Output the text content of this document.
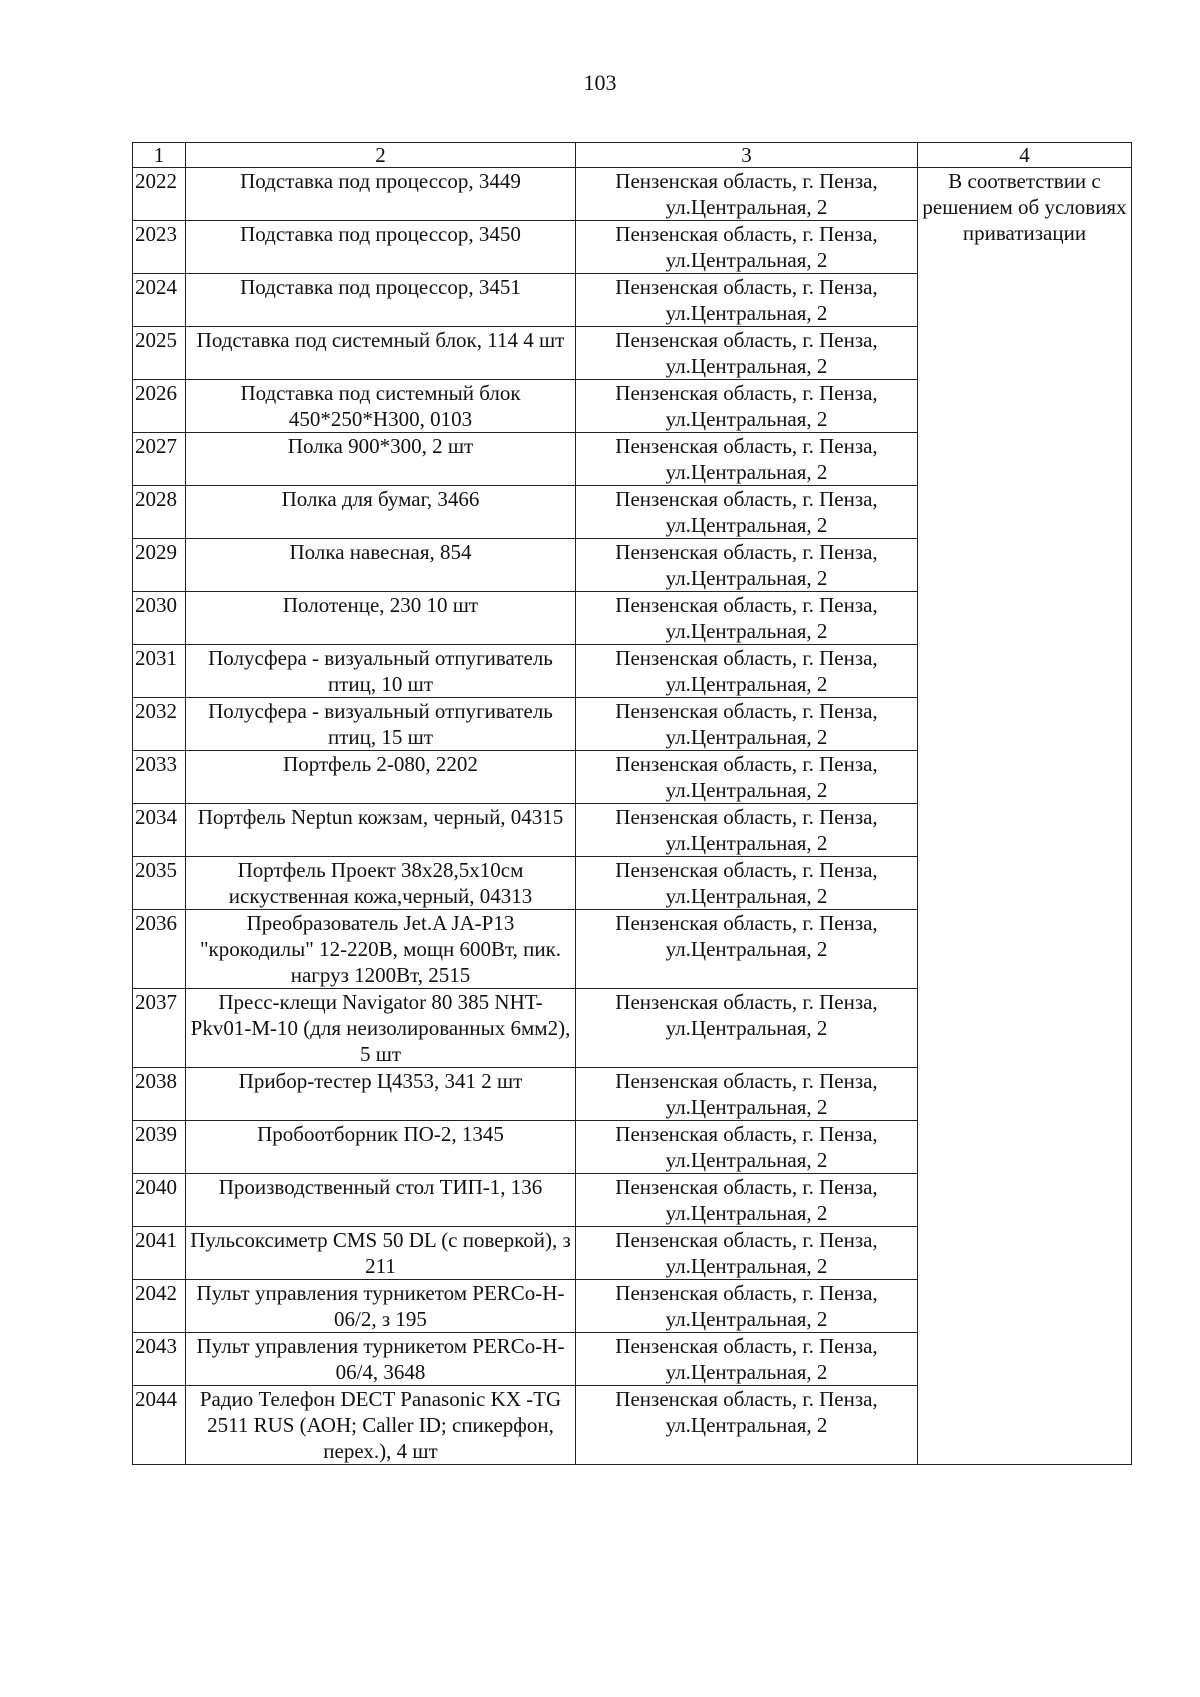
103
1	2	3	4
2022	Подставка под процессор, 3449	Пензенская область, г. Пенза,
ул.Центральная, 2	В соответствии с решением об условиях приватизации
2023	Подставка под процессор, 3450	Пензенская область, г. Пенза,
ул.Центральная, 2	

2024	Подставка под процессор, 3451	Пензенская область, г. Пенза,
ул.Центральная, 2	

2025	Подставка под системный блок, 114 4 шт	Пензенская область, г. Пенза,
ул.Центральная, 2	

2026	Подставка под системный блок 450*250*Н300, 0103	Пензенская область, г. Пенза,
ул.Центральная, 2	

2027	Полка 900*300, 2 шт	Пензенская область, г. Пенза,
ул.Центральная, 2	

2028	Полка для бумаг, 3466	Пензенская область, г. Пенза,
ул.Центральная, 2	

2029	Полка навесная, 854	Пензенская область, г. Пенза,
ул.Центральная, 2	

2030	Полотенце, 230 10 шт	Пензенская область, г. Пенза,
ул.Центральная, 2	

2031	Полусфера - визуальный отпугиватель птиц, 10 шт	Пензенская область, г. Пенза,
ул.Центральная, 2	

2032	Полусфера - визуальный отпугиватель птиц, 15 шт	Пензенская область, г. Пенза,
ул.Центральная, 2	

2033	Портфель 2-080, 2202	Пензенская область, г. Пенза,
ул.Центральная, 2	

2034	Портфель Neptun кожзам, черный, 04315	Пензенская область, г. Пенза,
ул.Центральная, 2	

2035	Портфель Проект 38х28,5х10см искуственная кожа,черный, 04313	Пензенская область, г. Пенза,
ул.Центральная, 2	

2036	Преобразователь Jet.A JA-P13 "крокодилы" 12-220В, мощн 600Вт, пик. нагруз 1200Вт, 2515	Пензенская область, г. Пенза,
ул.Центральная, 2	

2037	Пресс-клещи Navigator 80 385 NHT-Pkv01-M-10 (для неизолированных 6мм2), 5 шт	Пензенская область, г. Пенза,
ул.Центральная, 2	

2038	Прибор-тестер Ц4353, 341 2 шт	Пензенская область, г. Пенза,
ул.Центральная, 2	

2039	Пробоотборник ПО-2, 1345	Пензенская область, г. Пенза,
ул.Центральная, 2	

2040	Производственный стол ТИП-1, 136	Пензенская область, г. Пенза,
ул.Центральная, 2	

2041	Пульсоксиметр CMS 50 DL (с поверкой), з 211	Пензенская область, г. Пенза,
ул.Центральная, 2	

2042	Пульт управления турникетом PERCo-H-06/2, з 195	Пензенская область, г. Пенза,
ул.Центральная, 2	

2043	Пульт управления турникетом PERCo-H-06/4, 3648	Пензенская область, г. Пенза,
ул.Центральная, 2	

2044	Радио Телефон DECT Panasonic KX -TG 2511 RUS (АОН; Caller ID; спикерфон, перех.), 4 шт	Пензенская область, г. Пенза,
ул.Центральная, 2	
